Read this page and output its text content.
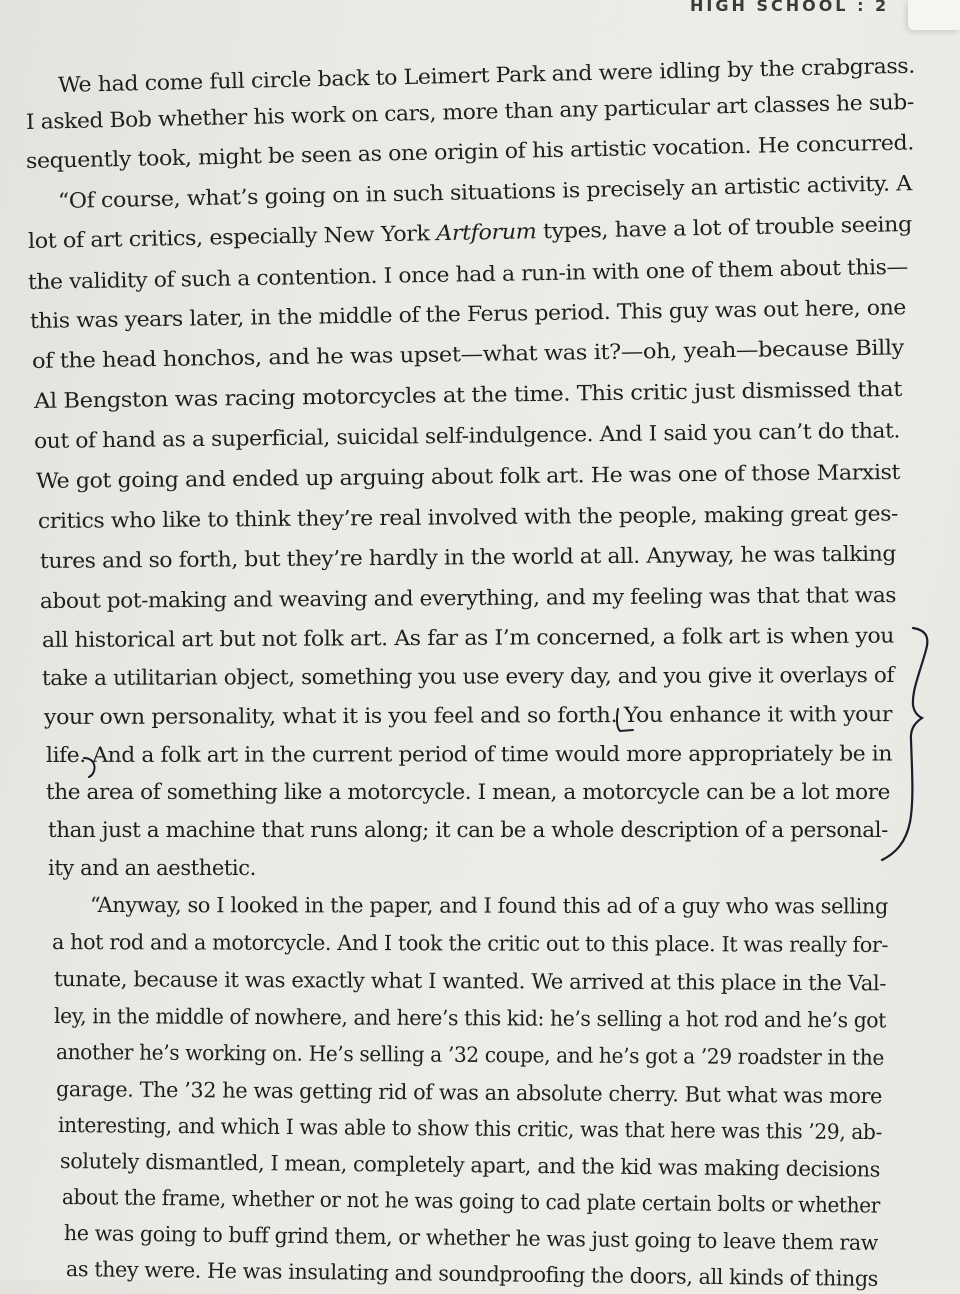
HIGH SCHOOL : 2
We had come full circle back to Leimert Park and were idling by the crabgrass.
I asked Bob whether his work on cars, more than any particular art classes he sub-
sequently took, might be seen as one origin of his artistic vocation. He concurred.
“Of course, what’s going on in such situations is precisely an artistic activity. A
lot of art critics, especially New York Artforum types, have a lot of trouble seeing
the validity of such a contention. I once had a run-in with one of them about this—
this was years later, in the middle of the Ferus period. This guy was out here, one
of the head honchos, and he was upset—what was it?—oh, yeah—because Billy
Al Bengston was racing motorcycles at the time. This critic just dismissed that
out of hand as a superficial, suicidal self-indulgence. And I said you can’t do that.
We got going and ended up arguing about folk art. He was one of those Marxist
critics who like to think they’re real involved with the people, making great ges-
tures and so forth, but they’re hardly in the world at all. Anyway, he was talking
about pot-making and weaving and everything, and my feeling was that that was
all historical art but not folk art. As far as I’m concerned, a folk art is when you
take a utilitarian object, something you use every day, and you give it overlays of
your own personality, what it is you feel and so forth. You enhance it with your
life. And a folk art in the current period of time would more appropriately be in
the area of something like a motorcycle. I mean, a motorcycle can be a lot more
than just a machine that runs along; it can be a whole description of a personal-
ity and an aesthetic.
“Anyway, so I looked in the paper, and I found this ad of a guy who was selling
a hot rod and a motorcycle. And I took the critic out to this place. It was really for-
tunate, because it was exactly what I wanted. We arrived at this place in the Val-
ley, in the middle of nowhere, and here’s this kid: he’s selling a hot rod and he’s got
another he’s working on. He’s selling a ’32 coupe, and he’s got a ’29 roadster in the
garage. The ’32 he was getting rid of was an absolute cherry. But what was more
interesting, and which I was able to show this critic, was that here was this ’29, ab-
solutely dismantled, I mean, completely apart, and the kid was making decisions
about the frame, whether or not he was going to cad plate certain bolts or whether
he was going to buff grind them, or whether he was just going to leave them raw
as they were. He was insulating and soundproofing the doors, all kinds of things
